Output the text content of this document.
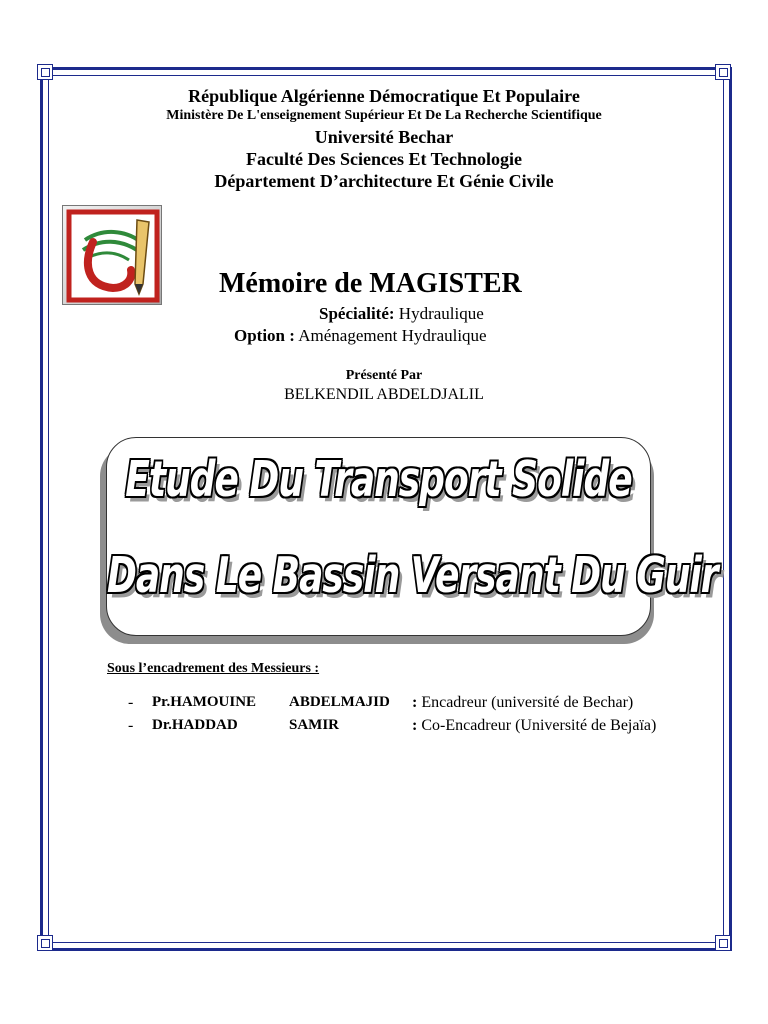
République Algérienne Démocratique Et Populaire
Ministère De L'enseignement Supérieur Et De La Recherche Scientifique
Université Bechar
Faculté Des Sciences Et Technologie
Département D’architecture Et Génie Civile
Mémoire de MAGISTER
Spécialité: Hydraulique
Option : Aménagement Hydraulique
Présenté Par
BELKENDIL ABDELDJALIL
Etude Du Transport Solide
Dans Le Bassin Versant Du Guir
Sous l’encadrement des Messieurs :
- Pr.HAMOUINE ABDELMAJID : Encadreur (université de Bechar)
- Dr.HADDAD	SAMIR	: Co-Encadreur (Université de Bejaïa)
